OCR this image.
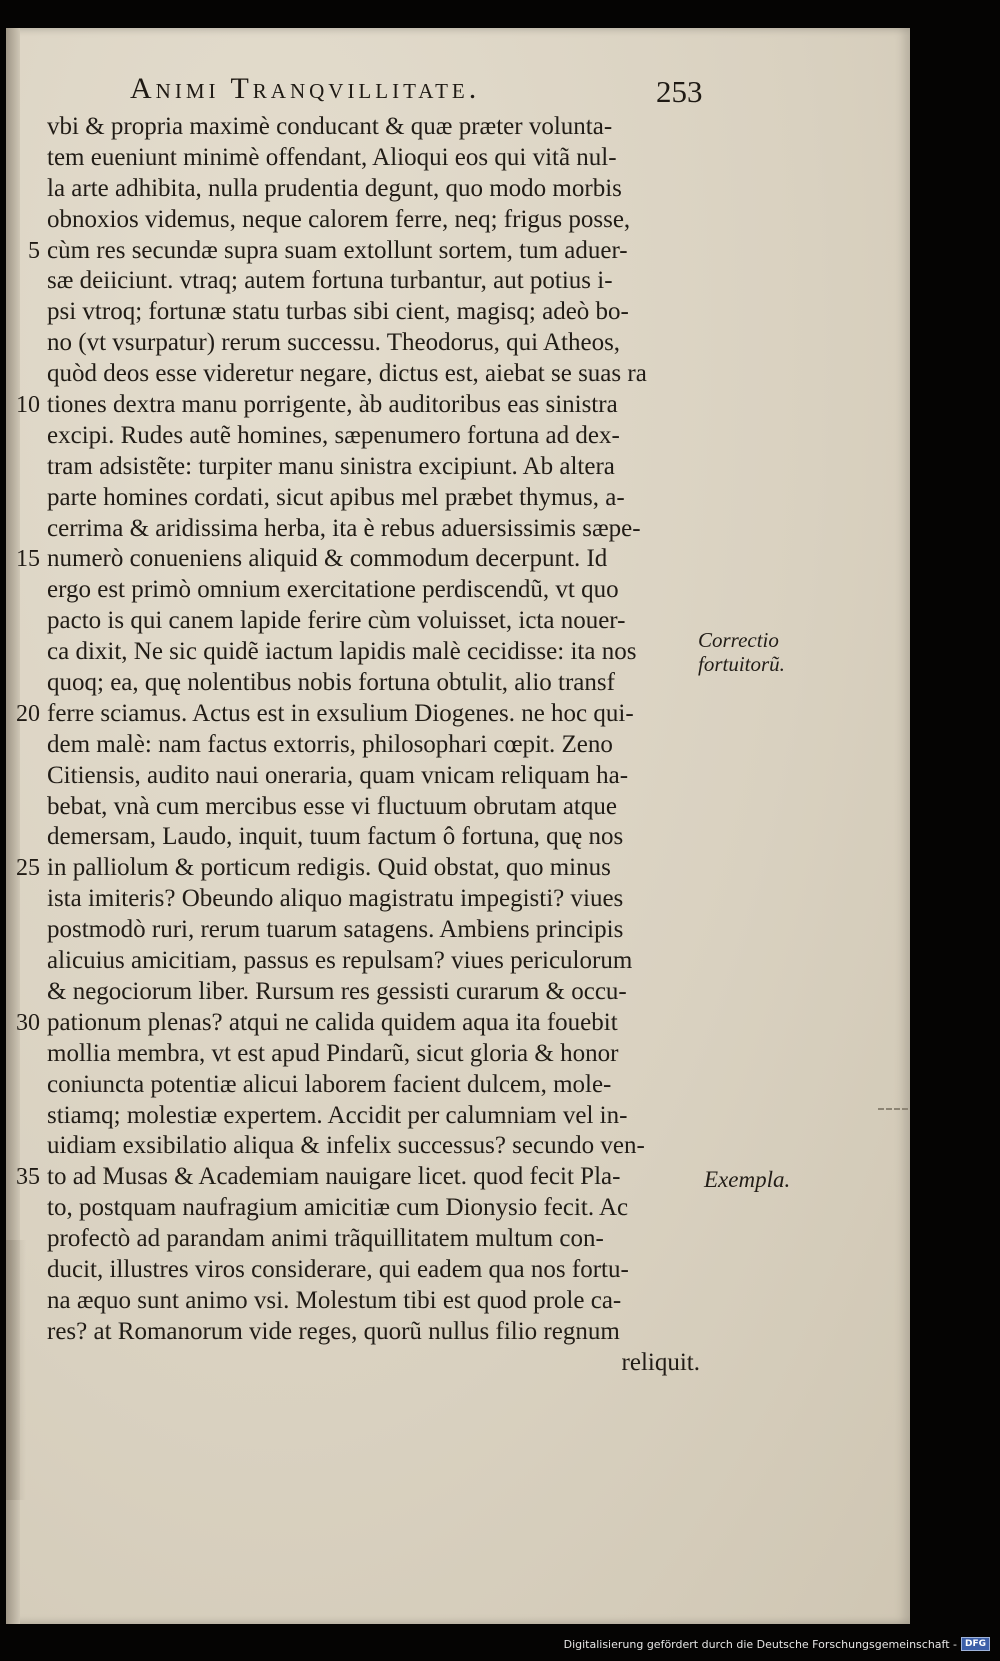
Animi Tranqvillitate.	253
vbi & propria maximè conducant & quæ præter volunta-
tem eueniunt minimè offendant, Alioqui eos qui vitã nul-
la arte adhibita, nulla prudentia degunt, quo modo morbis
obnoxios videmus, neque calorem ferre, neq; frigus posse,
5 cùm res secundæ supra suam extollunt sortem, tum aduer-
sæ deiiciunt. vtraq; autem fortuna turbantur, aut potius i-
psi vtroq; fortunæ statu turbas sibi cient, magisq; adeò bo-
no (vt vsurpatur) rerum successu. Theodorus, qui Atheos,
quòd deos esse videretur negare, dictus est, aiebat se suas ra
10 tiones dextra manu porrigente, àb auditoribus eas sinistra
excipi. Rudes autẽ homines, sæpenumero fortuna ad dex-
tram adsistẽte: turpiter manu sinistra excipiunt. Ab altera
parte homines cordati, sicut apibus mel præbet thymus, a-
cerrima & aridissima herba, ita è rebus aduersissimis sæpe-
15 numerò conueniens aliquid & commodum decerpunt. Id
ergo est primò omnium exercitatione perdiscendũ, vt quo
pacto is qui canem lapide ferire cùm voluisset, icta nouer-
ca dixit, Ne sic quidẽ iactum lapidis malè cecidisse: ita nos
quoq; ea, quę nolentibus nobis fortuna obtulit, alio transf
20 ferre sciamus. Actus est in exsulium Diogenes. ne hoc qui-
dem malè: nam factus extorris, philosophari cœpit. Zeno
Citiensis, audito naui oneraria, quam vnicam reliquam ha-
bebat, vnà cum mercibus esse vi fluctuum obrutam atque
demersam, Laudo, inquit, tuum factum ô fortuna, quę nos
25 in palliolum & porticum redigis. Quid obstat, quo minus
ista imiteris? Obeundo aliquo magistratu impegisti? viues
postmodò ruri, rerum tuarum satagens. Ambiens principis
alicuius amicitiam, passus es repulsam? viues periculorum
& negociorum liber. Rursum res gessisti curarum & occu-
30 pationum plenas? atqui ne calida quidem aqua ita fouebit
mollia membra, vt est apud Pindarũ, sicut gloria & honor
coniuncta potentiæ alicui laborem facient dulcem, mole-
stiamq; molestiæ expertem. Accidit per calumniam vel in-
uidiam exsibilatio aliqua & infelix successus? secundo ven-
35 to ad Musas & Academiam nauigare licet. quod fecit Pla-
to, postquam naufragium amicitiæ cum Dionysio fecit. Ac
profectò ad parandam animi trãquillitatem multum con-
ducit, illustres viros considerare, qui eadem qua nos fortu-
na æquo sunt animo vsi. Molestum tibi est quod prole ca-
res? at Romanorum vide reges, quorũ nullus filio regnum
reliquit.
Correctio
fortuitorũ.
Exempla.
Digitalisierung gefördert durch die Deutsche Forschungsgemeinschaft - DFG
